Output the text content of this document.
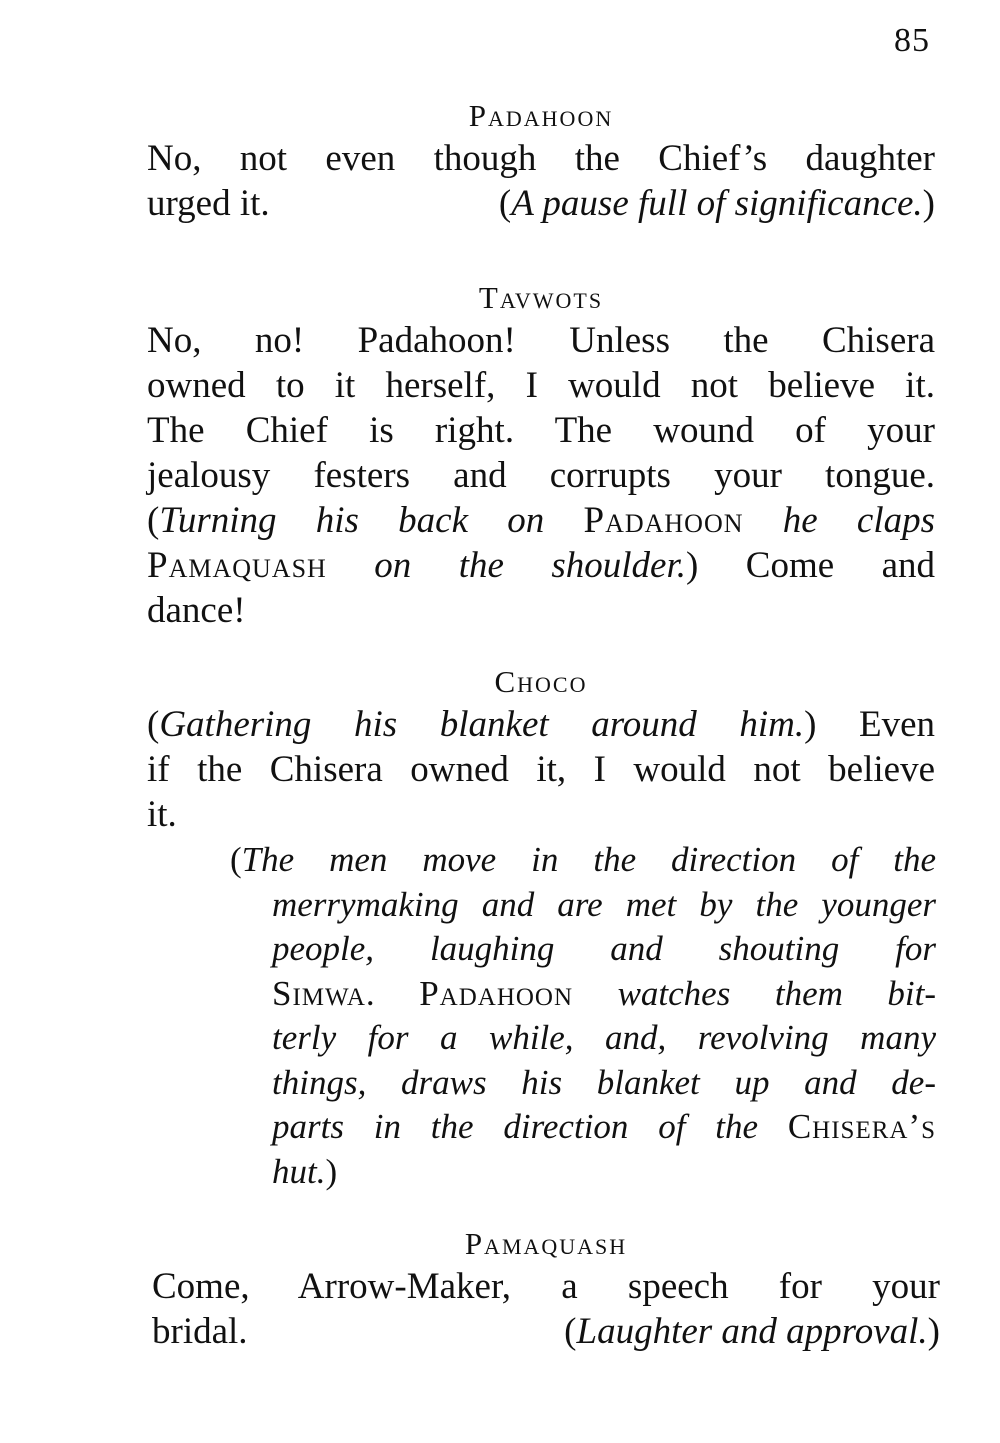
85
Padahoon
No, not even though the Chief’s daughter
urged it.	(A pause full of significance.)
Tavwots
No, no! Padahoon! Unless the Chisera
owned to it herself, I would not believe it.
The Chief is right. The wound of your
jealousy festers and corrupts your tongue.
(Turning his back on Padahoon he claps
Pamaquash on the shoulder.) Come and
dance!
Choco
(Gathering his blanket around him.) Even
if the Chisera owned it, I would not believe
it.
(The men move in the direction of the
merrymaking and are met by the younger
people, laughing and shouting for
Simwa. Padahoon watches them bit-
terly for a while, and, revolving many
things, draws his blanket up and de-
parts in the direction of the Chisera’s
hut.)
Pamaquash
Come, Arrow-Maker, a speech for your
bridal.	(Laughter and approval.)
